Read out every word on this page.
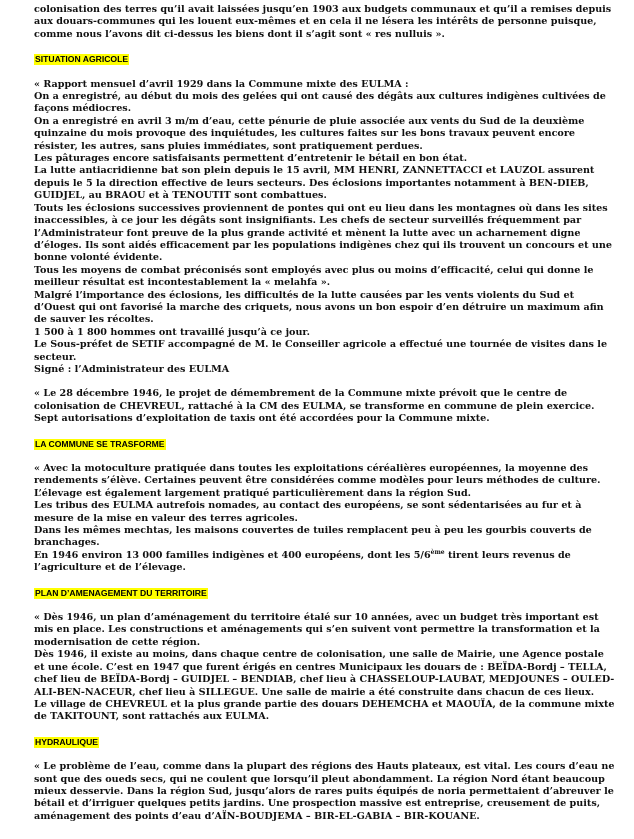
colonisation des terres qu’il avait laissées jusqu’en 1903 aux budgets communaux et qu’il a remises depuis aux douars-communes qui les louent eux-mêmes et en cela il ne lésera les intérêts de personne puisque, comme nous l’avons dit ci-dessus les biens dont il s’agit sont « res nulluis ».

SITUATION AGRICOLE

« Rapport mensuel d’avril 1929 dans la Commune mixte des EULMA :

On a enregistré, au début du mois des gelées qui ont causé des dégâts aux cultures indigènes cultivées de façons médiocres.

On a enregistré en avril 3 m/m d’eau, cette pénurie de pluie associée aux vents du Sud de la deuxième quinzaine du mois provoque des inquiétudes, les cultures faites sur les bons travaux peuvent encore résister, les autres, sans pluies immédiates, sont pratiquement perdues.

Les pâturages encore satisfaisants permettent d’entretenir le bétail en bon état.

La lutte antiacridienne bat son plein depuis le 15 avril, MM HENRI, ZANNETTACCI et LAUZOL assurent depuis le 5 la direction effective de leurs secteurs. Des éclosions importantes notamment à BEN-DIEB, GUIDJEL, au BRAOU et à TENOUTIT sont combattues.

Touts les éclosions successives proviennent de pontes qui ont eu lieu dans les montagnes où dans les sites inaccessibles, à ce jour les dégâts sont insignifiants. Les chefs de secteur surveillés fréquemment par l’Administrateur font preuve de la plus grande activité et mènent la lutte avec un acharnement digne d’éloges. Ils sont aidés efficacement par les populations indigènes chez qui ils trouvent un concours et une bonne volonté évidente.

Tous les moyens de combat préconisés sont employés avec plus ou moins d’efficacité, celui qui donne le meilleur résultat est incontestablement la « melahfa ».

Malgré l’importance des éclosions, les difficultés de la lutte causées par les vents violents du Sud et d’Ouest qui ont favorisé la marche des criquets, nous avons un bon espoir d’en détruire un maximum afin de sauver les récoltes.

1 500 à 1 800 hommes ont travaillé jusqu’à ce jour.

Le Sous-préfet de SETIF accompagné de M. le Conseiller agricole a effectué une tournée de visites dans le secteur.

Signé : l’Administrateur des EULMA

« Le 28 décembre 1946, le projet de démembrement de la Commune mixte prévoit que le centre de colonisation de CHEVREUL, rattaché à la CM des EULMA, se transforme en commune de plein exercice.

Sept autorisations d’exploitation de taxis ont été accordées pour la Commune mixte.

LA COMMUNE SE TRASFORME

« Avec la motoculture pratiquée dans toutes les exploitations céréalières européennes, la moyenne des rendements s’élève. Certaines peuvent être considérées comme modèles pour leurs méthodes de culture.

L’élevage est également largement pratiqué particulièrement dans la région Sud.

Les tribus des EULMA autrefois nomades, au contact des européens, se sont sédentarisées au fur et à mesure de la mise en valeur des terres agricoles.

Dans les mêmes mechtas, les maisons couvertes de tuiles remplacent peu à peu les gourbis couverts de branchages.

En 1946 environ 13 000 familles indigènes et 400 européens, dont les 5/6ème tirent leurs revenus de l’agriculture et de l’élevage.

PLAN D’AMENAGEMENT DU TERRITOIRE

« Dès 1946, un plan d’aménagement du territoire étalé sur 10 années, avec un budget très important est mis en place. Les constructions et aménagements qui s’en suivent vont permettre la transformation et la modernisation de cette région.

Dès 1946, il existe au moins, dans chaque centre de colonisation, une salle de Mairie, une Agence postale et une école. C’est en 1947 que furent érigés en centres Municipaux les douars de : BEÏDA-Bordj – TELLA, chef lieu de BEÏDA-Bordj – GUIDJEL – BENDIAB, chef lieu à CHASSELOUP-LAUBAT, MEDJOUNES – OULED-ALI-BEN-NACEUR, chef lieu à SILLEGUE. Une salle de mairie a été construite dans chacun de ces lieux.

Le village de CHEVREUL et la plus grande partie des douars DEHEMCHA et MAOUÏA, de la commune mixte de TAKITOUNT, sont rattachés aux EULMA.

HYDRAULIQUE

« Le problème de l’eau, comme dans la plupart des régions des Hauts plateaux, est vital. Les cours d’eau ne sont que des oueds secs, qui ne coulent que lorsqu’il pleut abondamment. La région Nord étant beaucoup mieux desservie. Dans la région Sud, jusqu’alors de rares puits équipés de noria permettaient d’abreuver le bétail et d’irriguer quelques petits jardins. Une prospection massive est entreprise, creusement de puits, aménagement des points d’eau d’AÏN-BOUDJEMA – BIR-EL-GABIA – BIR-KOUANE.
